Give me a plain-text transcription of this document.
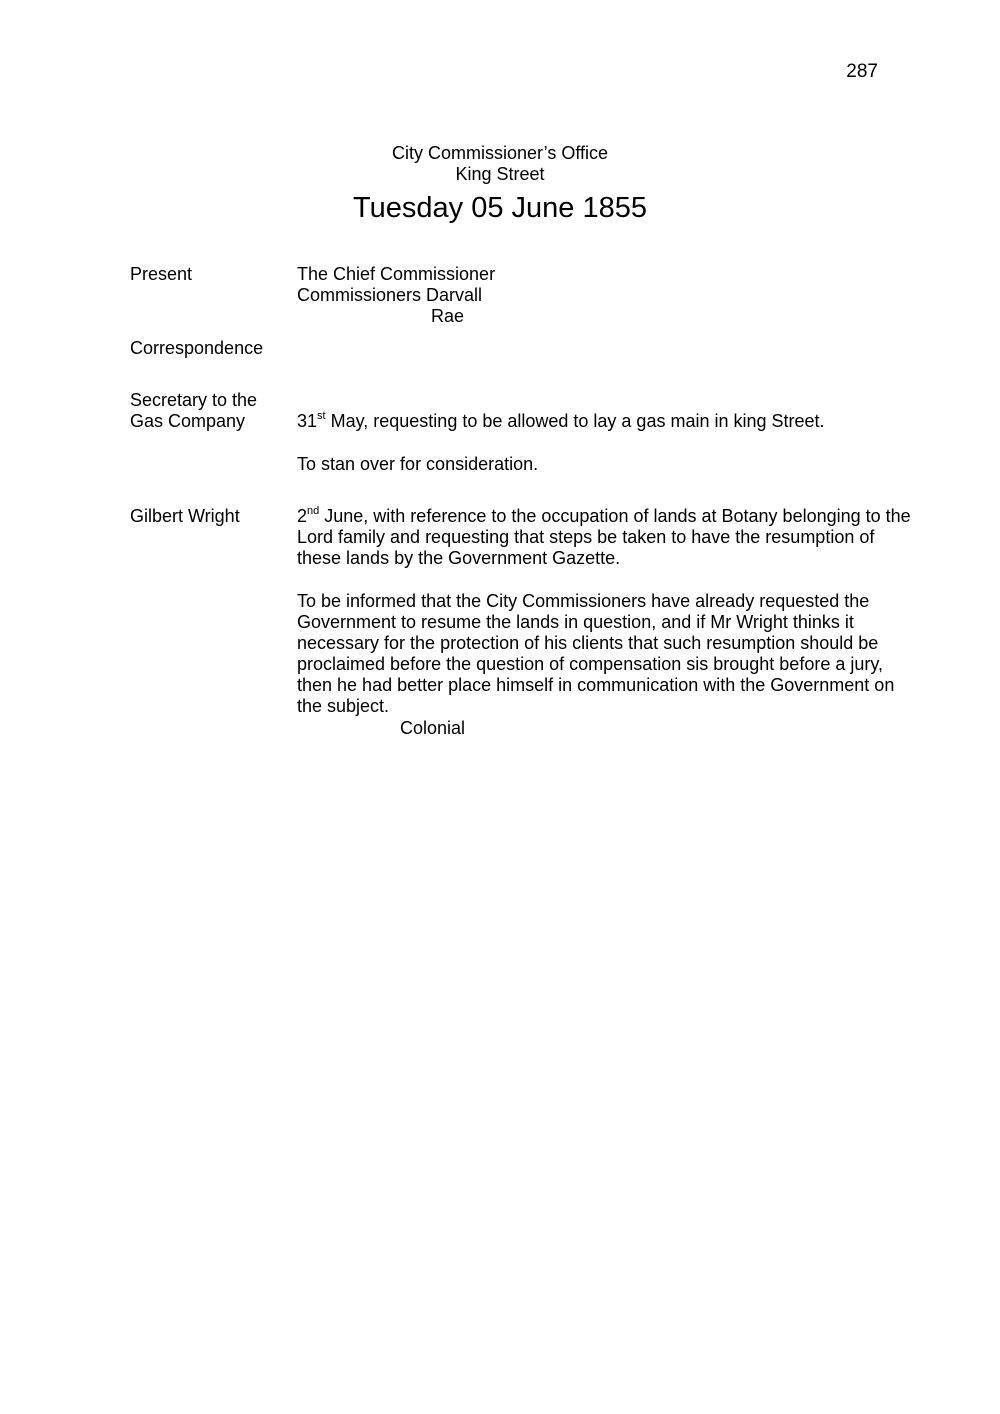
287
City Commissioner’s Office
King Street
Tuesday 05 June 1855
Present	The Chief Commissioner
Commissioners Darvall
Rae
Correspondence
Secretary to the
Gas Company	31st May, requesting to be allowed to lay a gas main in king Street.
To stan over for consideration.
Gilbert Wright	2nd June, with reference to the occupation of lands at Botany belonging to the Lord family and requesting that steps be taken to have the resumption of these lands by the Government Gazette.
To be informed that the City Commissioners have already requested the Government to resume the lands in question, and if Mr Wright thinks it necessary for the protection of his clients that such resumption should be proclaimed before the question of compensation sis brought before a jury, then he had better place himself in communication with the Government on the subject.
Colonial
